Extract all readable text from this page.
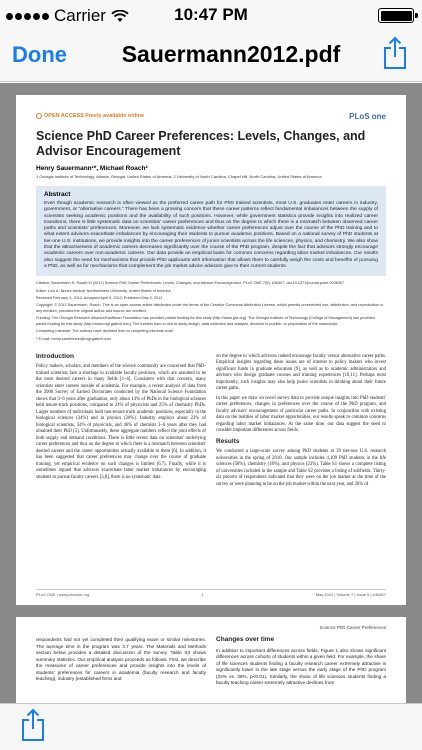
Carrier	10:47 PM
Done	Sauermann2012.pdf
OPEN ACCESS Freely available online	PLoS one
Science PhD Career Preferences: Levels, Changes, and Advisor Encouragement
Henry Sauermann¹*, Michael Roach²
1 Georgia Institute of Technology, Atlanta, Georgia, United States of America, 2 University of North Carolina, Chapel Hill, North Carolina, United States of America
Abstract
Even though academic research is often viewed as the preferred career path for PhD trained scientists, most U.S. graduates enter careers in industry, government, or “alternative careers.” There has been a growing concern that these career patterns reflect fundamental imbalances between the supply of scientists seeking academic positions and the availability of such positions. However, while government statistics provide insights into realized career transitions, there is little systematic data on scientists' career preferences and thus on the degree to which there is a mismatch between observed career paths and scientists' preferences. Moreover, we lack systematic evidence whether career preferences adjust over the course of the PhD training and to what extent advisors exacerbate imbalances by encouraging their students to pursue academic positions. Based on a national survey of PhD students at tier-one U.S. institutions, we provide insights into the career preferences of junior scientists across the life sciences, physics, and chemistry. We also show that the attractiveness of academic careers decreases significantly over the course of the PhD program, despite the fact that advisors strongly encourage academic careers over non-academic careers. Our data provide an empirical basis for common concerns regarding labor market imbalances. Our results also suggest the need for mechanisms that provide PhD applicants with information that allows them to carefully weigh the costs and benefits of pursuing a PhD, as well as for mechanisms that complement the job market advice advisors give to their current students.

Citation: Sauermann H, Roach M (2012) Science PhD Career Preferences: Levels, Changes, and Advisor Encouragement. PLoS ONE 7(5): e36307. doi:10.1371/journal.pone.0036307

Editor: Luís A. Nunes Amaral, Northwestern University, United States of America

Received February 1, 2012; Accepted April 5, 2012; Published May 2, 2012

Copyright: © 2012 Sauermann, Roach. This is an open-access article distributed under the terms of the Creative Commons Attribution License, which permits unrestricted use, distribution, and reproduction in any medium, provided the original author and source are credited.

Funding: The Georgia Research Alliance/Kauffman Foundation has provided partial funding for this study (http://www.gra.org). The Georgia Institute of Technology (College of Management) has provided partial funding for this study (http://www.mgt.gatech.edu). The funders had no role in study design, data collection and analysis, decision to publish, or preparation of the manuscript.

Competing Interests: The authors have declared that no competing interests exist.

* E-mail: henry.sauermann@mgt.gatech.edu

Introduction

Policy makers, scholars, and members of the science community are concerned that PhD-trained scientists face a shortage in available faculty positions, which are assumed to be the most desired careers in many fields [1–4]. Consistent with that concern, many scientists enter careers outside of academia. For example, a recent analysis of data from the 2006 Survey of Earned Doctorates conducted by the National Science Foundation shows that 3–6 years after graduation, only about 14% of PhDs in the biological sciences held tenure-track positions, compared to 21% of physicists and 25% of chemistry PhDs. Larger numbers of individuals hold non-tenure track academic positions, especially in the biological sciences (34%) and in physics (20%). Industry employs about 23% of biological scientists, 34% of physicists, and 46% of chemists 3–6 years after they had obtained their PhD [5]. Unfortunately, these aggregate numbers reflect the joint effects of both supply and demand conditions. There is little recent data on scientists' underlying career preferences and thus on the degree to which there is a mismatch between scientists' desired careers and the career opportunities actually available to them [6]. In addition, it has been suggested that career preferences may change over the course of graduate training, yet empirical evidence on such changes is limited [6,7]. Finally, while it is sometimes argued that advisors exacerbate labor market imbalances by encouraging students to pursue faculty careers [3,8], there is no systematic data

on the degree to which advisors indeed encourage faculty versus alternative career paths. Empirical insights regarding these issues are of interest to policy makers who invest significant funds in graduate education [9], as well as to academic administrators and advisors who design graduate courses and training experiences [10,11]. Perhaps most importantly, such insights may also help junior scientists in thinking about their future career paths.

In this paper we draw on novel survey data to provide unique insights into PhD students' career preferences, changes in preferences over the course of the PhD program, and faculty advisors' encouragement of particular career paths. In conjunction with existing data on the realities of labor market opportunities, our results speak to common concerns regarding labor market imbalances. At the same time, our data suggest the need to consider important differences across fields.

Results

We conducted a large-scale survey among PhD students at 39 tier-one U.S. research universities in the spring of 2010. Our sample includes 4,109 PhD students in the life sciences (58%), chemistry (18%), and physics (23%). Table S1 shows a complete listing of universities included in the sample and Table S2 provides a listing of subfields. Thirty-six percent of respondents indicated that they were on the job market at the time of the survey or were planning to be on the job market within the next year, and 26% of

PLoS ONE | www.plosone.org	1	May 2012 | Volume 7 | Issue 5 | e36307
Science PhD Career Preferences

respondents had not yet completed their qualifying exam or similar milestones. The average time in the program was 3.7 years. The Materials and Methods section below provides a detailed discussion of the survey. Table S3 shows summary statistics. Our empirical analysis proceeds as follows. First, we describe the measures of career preferences and provide insights into the levels of students' preferences for careers in academia (faculty research and faculty teaching), industry (established firms and

Changes over time

In addition to important differences across fields, Figure 1 also shows significant differences across cohorts of students within a given field. For example, the share of life sciences students finding a faculty research career extremely attractive is significantly lower in the late stage versus the early stage of the PhD program (33% vs. 39%, p<0.01). Similarly, the share of life sciences students finding a faculty teaching career extremely attractive declines from
